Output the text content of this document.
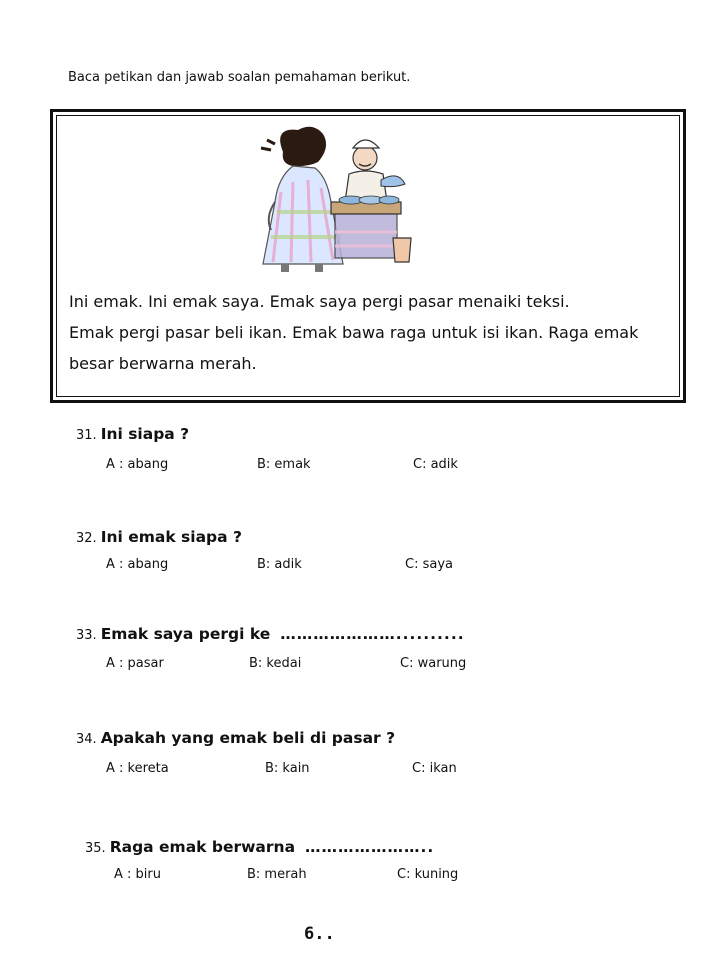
Baca petikan dan jawab soalan pemahaman berikut.
Ini emak. Ini emak saya. Emak saya pergi pasar menaiki teksi.
Emak pergi pasar beli ikan. Emak bawa raga untuk isi ikan. Raga emak
besar berwarna merah.
31. Ini siapa ?
A : abang	B: emak	C: adik
32. Ini emak siapa ?
A : abang	B: adik	C: saya
33. Emak saya pergi ke …………………..........
A : pasar	B: kedai	C: warung
34. Apakah yang emak beli di pasar ?
A : kereta	B: kain	C: ikan
35. Raga emak berwarna …………………..
A : biru	B: merah	C: kuning
6..
